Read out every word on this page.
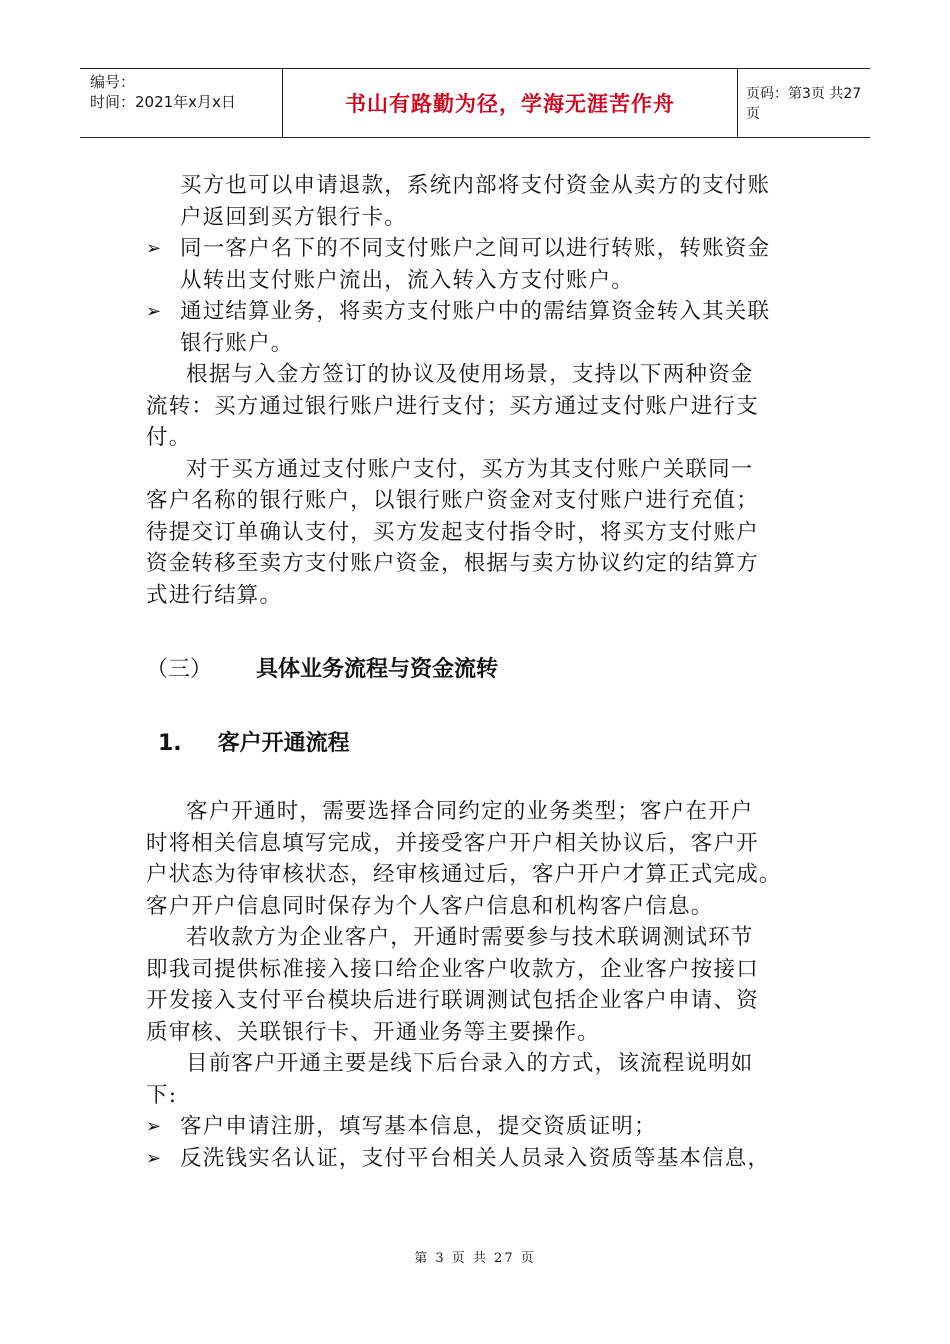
编号：
时间：2021年x月x日	书山有路勤为径，学海无涯苦作舟	页码：第3页 共27页
买方也可以申请退款，系统内部将支付资金从卖方的支付账
户返回到买方银行卡。
➢ 同一客户名下的不同支付账户之间可以进行转账，转账资金
从转出支付账户流出，流入转入方支付账户。
➢ 通过结算业务，将卖方支付账户中的需结算资金转入其关联
银行账户。
根据与入金方签订的协议及使用场景，支持以下两种资金
流转：买方通过银行账户进行支付；买方通过支付账户进行支
付。
对于买方通过支付账户支付，买方为其支付账户关联同一
客户名称的银行账户，以银行账户资金对支付账户进行充值；
待提交订单确认支付，买方发起支付指令时，将买方支付账户
资金转移至卖方支付账户资金，根据与卖方协议约定的结算方
式进行结算。
（三） 具体业务流程与资金流转
1. 客户开通流程
客户开通时，需要选择合同约定的业务类型；客户在开户
时将相关信息填写完成，并接受客户开户相关协议后，客户开
户状态为待审核状态，经审核通过后，客户开户才算正式完成。
客户开户信息同时保存为个人客户信息和机构客户信息。
若收款方为企业客户，开通时需要参与技术联调测试环节
即我司提供标准接入接口给企业客户收款方，企业客户按接口
开发接入支付平台模块后进行联调测试包括企业客户申请、资
质审核、关联银行卡、开通业务等主要操作。
目前客户开通主要是线下后台录入的方式，该流程说明如
下:
➢ 客户申请注册，填写基本信息，提交资质证明；
➢ 反洗钱实名认证，支付平台相关人员录入资质等基本信息，
第 3 页 共 27 页
